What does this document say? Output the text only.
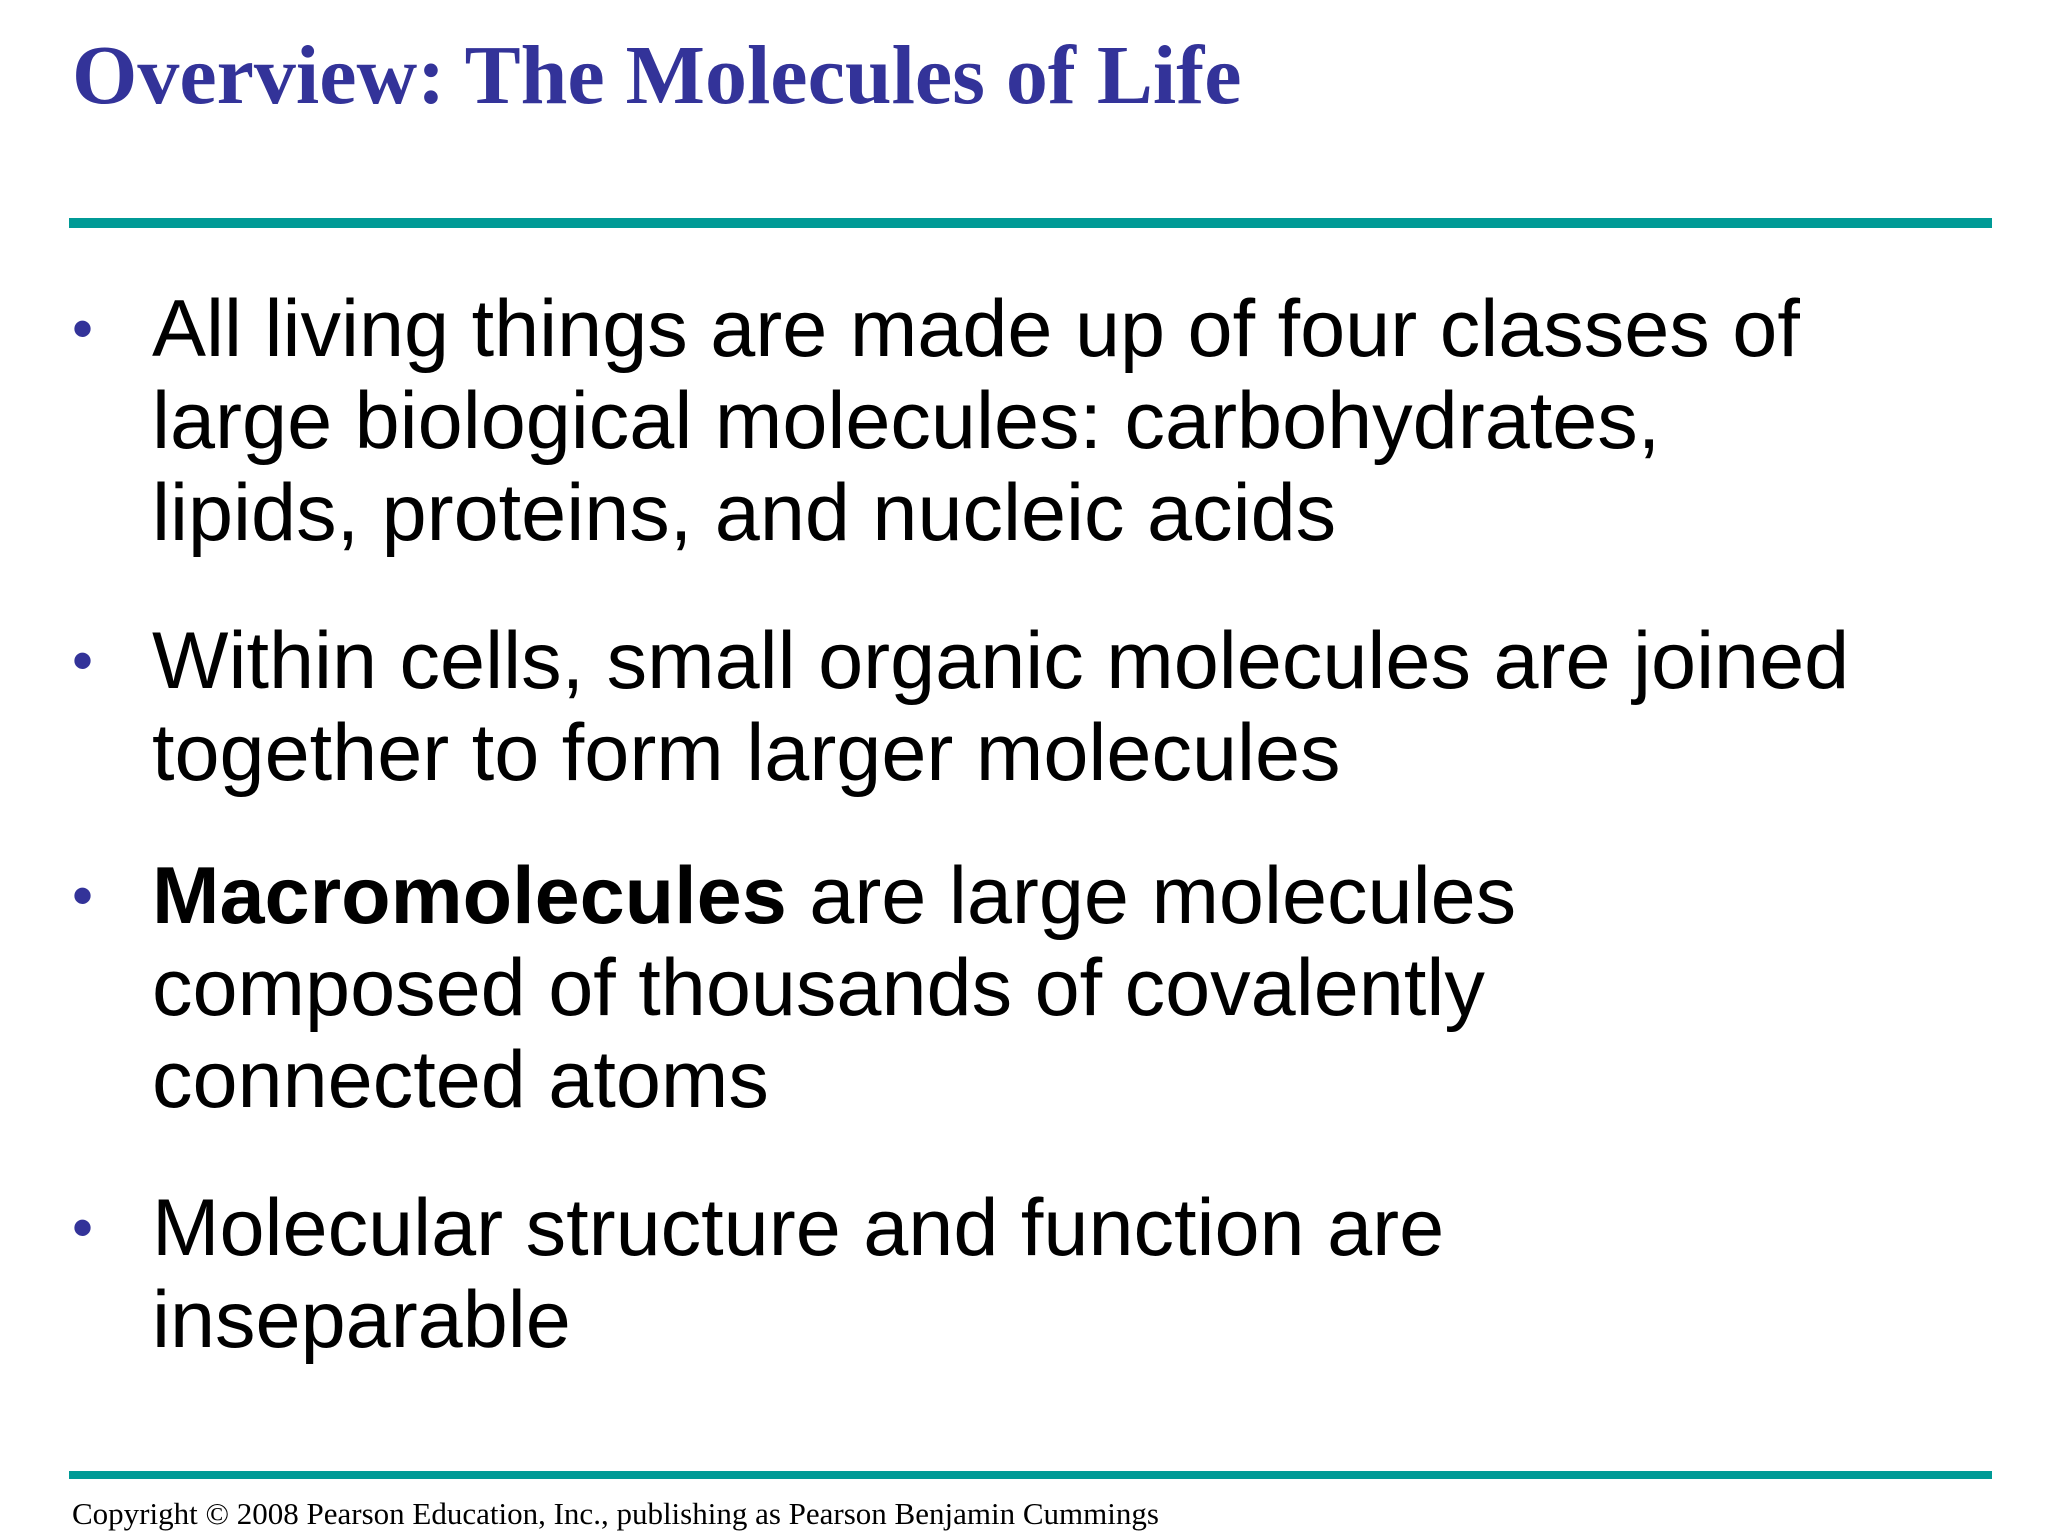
Overview: The Molecules of Life
• All living things are made up of four classes of
large biological molecules: carbohydrates,
lipids, proteins, and nucleic acids
• Within cells, small organic molecules are joined
together to form larger molecules
• Macromolecules are large molecules
composed of thousands of covalently
connected atoms
• Molecular structure and function are
inseparable
Copyright © 2008 Pearson Education, Inc., publishing as Pearson Benjamin Cummings
